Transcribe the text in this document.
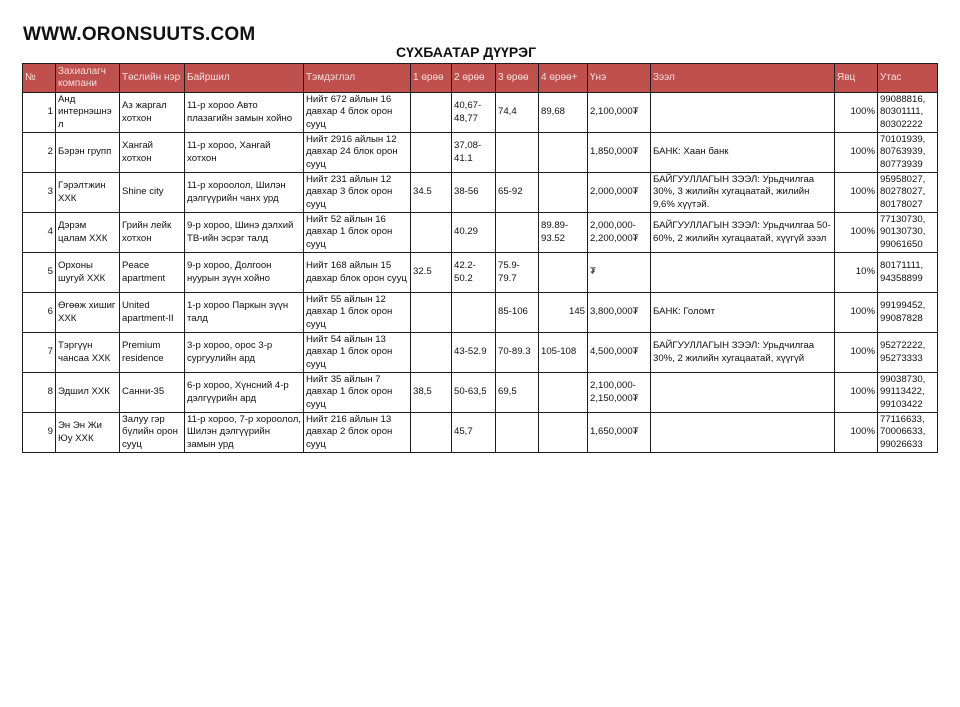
WWW.ORONSUUTS.COM
СҮХБААТАР ДҮҮРЭГ
№	Захиалагч компани	Төслийн нэр	Байршил	Тэмдэглэл	1 өрөө	2 өрөө	3 өрөө	4 өрөө+	Үнэ	Зээл	Явц	Утас
1	Анд интернэшнэл	Аз жаргал хотхон	11-р хороо Авто плазагийн замын хойно	Нийт 672 айлын 16 давхар 4 блок орон сууц		40,67-48,77	74,4	89,68	2,100,000₮		100%	99088816, 80301111, 80302222
2	Бэрэн групп	Хангай хотхон	11-р хороо, Хангай хотхон	Нийт 2916 айлын 12 давхар 24 блок орон сууц		37,08-41.1			1,850,000₮	БАНК: Хаан банк	100%	70101939, 80763939, 80773939
3	Гэрэлтжин ХХК	Shine city	11-р хороолол, Шилэн дэлгүүрийн чанх урд	Нийт 231 айлын 12 давхар 3 блок орон сууц	34.5	38-56	65-92		2,000,000₮	БАЙГУУЛЛАГЫН ЗЭЭЛ: Урьдчилгаа 30%, 3 жилийн хугацаатай, жилийн 9,6% хүүтэй.	100%	95958027, 80278027, 80178027
4	Дэрэм цалам ХХК	Грийн лейк хотхон	9-р хороо, Шинэ дэлхий ТВ-ийн эсрэг талд	Нийт 52 айлын 16 давхар 1 блок орон сууц		40.29		89.89-93.52	2,000,000-2,200,000₮	БАЙГУУЛЛАГЫН ЗЭЭЛ: Урьдчилгаа 50-60%, 2 жилийн хугацаатай, хүүгүй зээл	100%	77130730, 90130730, 99061650
5	Орхоны шугуй ХХК	Peace apartment	9-р хороо, Долгоон нуурын зүүн хойно	Нийт 168 айлын 15 давхар блок орон сууц	32.5	42.2-50.2	75.9-79.7		₮		10%	80171111, 94358899
6	Өгөөж хишиг ХХК	United apartment-II	1-р хороо Паркын зүүн талд	Нийт 55 айлын 12 давхар 1 блок орон сууц			85-106	145	3,800,000₮	БАНК: Голомт	100%	99199452, 99087828
7	Тэргүүн чансаа ХХК	Premium residence	3-р хороо, орос 3-р сургуулийн ард	Нийт 54 айлын 13 давхар 1 блок орон сууц		43-52.9	70-89.3	105-108	4,500,000₮	БАЙГУУЛЛАГЫН ЗЭЭЛ: Урьдчилгаа 30%, 2 жилийн хугацаатай, хүүгүй	100%	95272222, 95273333
8	Эдшил ХХК	Санни-35	6-р хороо, Хүнсний 4-р дэлгүүрийн ард	Нийт 35 айлын 7 давхар 1 блок орон сууц	38,5	50-63,5	69,5		2,100,000-2,150,000₮		100%	99038730, 99113422, 99103422
9	Эн Эн Жи Юу ХХК	Залуу гэр бүлийн орон сууц	11-р хороо, 7-р хороолол, Шилэн дэлгүүрийн замын урд	Нийт 216 айлын 13 давхар 2 блок орон сууц		45,7			1,650,000₮		100%	77116633, 70006633, 99026633
